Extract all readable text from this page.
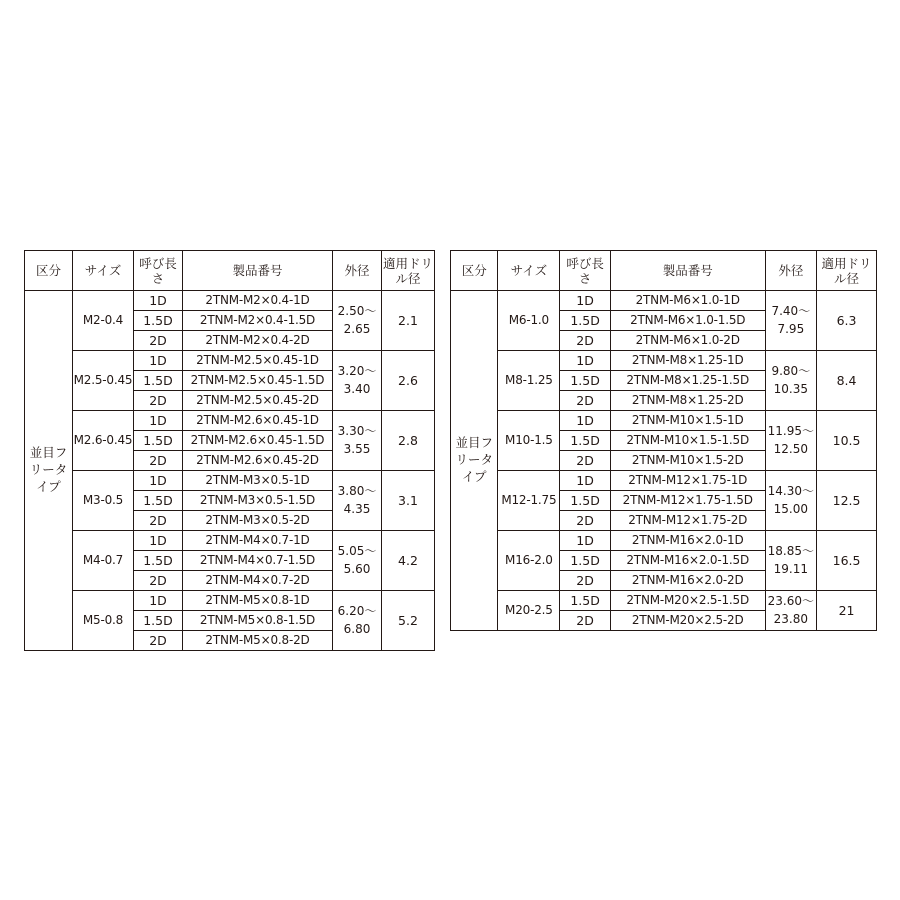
区分	サイズ	呼び長さ	製品番号	外径	適用ドリル径
並目フリータイプ	M2-0.4	1D	2TNM-M2×0.4-1D	2.50〜2.65	2.1
		1.5D	2TNM-M2×0.4-1.5D		
		2D	2TNM-M2×0.4-2D		
	M2.5-0.45	1D	2TNM-M2.5×0.45-1D	3.20〜3.40	2.6
		1.5D	2TNM-M2.5×0.45-1.5D		
		2D	2TNM-M2.5×0.45-2D		
	M2.6-0.45	1D	2TNM-M2.6×0.45-1D	3.30〜3.55	2.8
		1.5D	2TNM-M2.6×0.45-1.5D		
		2D	2TNM-M2.6×0.45-2D		
	M3-0.5	1D	2TNM-M3×0.5-1D	3.80〜4.35	3.1
		1.5D	2TNM-M3×0.5-1.5D		
		2D	2TNM-M3×0.5-2D		
	M4-0.7	1D	2TNM-M4×0.7-1D	5.05〜5.60	4.2
		1.5D	2TNM-M4×0.7-1.5D		
		2D	2TNM-M4×0.7-2D		
	M5-0.8	1D	2TNM-M5×0.8-1D	6.20〜6.80	5.2
		1.5D	2TNM-M5×0.8-1.5D		
		2D	2TNM-M5×0.8-2D		
区分	サイズ	呼び長さ	製品番号	外径	適用ドリル径
並目フリータイプ	M6-1.0	1D	2TNM-M6×1.0-1D	7.40〜7.95	6.3
		1.5D	2TNM-M6×1.0-1.5D		
		2D	2TNM-M6×1.0-2D		
	M8-1.25	1D	2TNM-M8×1.25-1D	9.80〜10.35	8.4
		1.5D	2TNM-M8×1.25-1.5D		
		2D	2TNM-M8×1.25-2D		
	M10-1.5	1D	2TNM-M10×1.5-1D	11.95〜12.50	10.5
		1.5D	2TNM-M10×1.5-1.5D		
		2D	2TNM-M10×1.5-2D		
	M12-1.75	1D	2TNM-M12×1.75-1D	14.30〜15.00	12.5
		1.5D	2TNM-M12×1.75-1.5D		
		2D	2TNM-M12×1.75-2D		
	M16-2.0	1D	2TNM-M16×2.0-1D	18.85〜19.11	16.5
		1.5D	2TNM-M16×2.0-1.5D		
		2D	2TNM-M16×2.0-2D		
	M20-2.5	1.5D	2TNM-M20×2.5-1.5D	23.60〜23.80	21
		2D	2TNM-M20×2.5-2D		
